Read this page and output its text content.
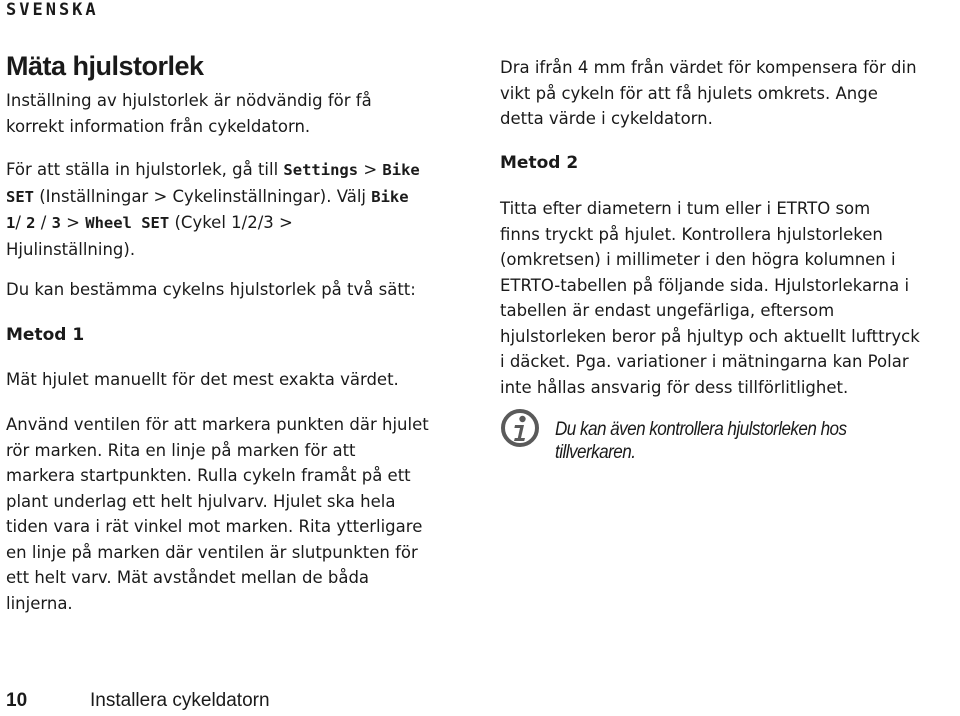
SVENSKA
Mäta hjulstorlek

Inställning av hjulstorlek är nödvändig för få
korrekt information från cykeldatorn.

För att ställa in hjulstorlek, gå till Settings > Bike
SET (Inställningar > Cykelinställningar). Välj Bike
1/ 2 / 3 > Wheel SET (Cykel 1/2/3 >
Hjulinställning).

Du kan bestämma cykelns hjulstorlek på två sätt:

Metod 1

Mät hjulet manuellt för det mest exakta värdet.

Använd ventilen för att markera punkten där hjulet
rör marken. Rita en linje på marken för att
markera startpunkten. Rulla cykeln framåt på ett
plant underlag ett helt hjulvarv. Hjulet ska hela
tiden vara i rät vinkel mot marken. Rita ytterligare
en linje på marken där ventilen är slutpunkten för
ett helt varv. Mät avståndet mellan de båda
linjerna.

Dra ifrån 4 mm från värdet för kompensera för din
vikt på cykeln för att få hjulets omkrets. Ange
detta värde i cykeldatorn.

Metod 2

Titta efter diametern i tum eller i ETRTO som
finns tryckt på hjulet. Kontrollera hjulstorleken
(omkretsen) i millimeter i den högra kolumnen i
ETRTO-tabellen på följande sida. Hjulstorlekarna i
tabellen är endast ungefärliga, eftersom
hjulstorleken beror på hjultyp och aktuellt lufttryck
i däcket. Pga. variationer i mätningarna kan Polar
inte hållas ansvarig för dess tillförlitlighet.

Du kan även kontrollera hjulstorleken hos
tillverkaren.

10	Installera cykeldatorn
